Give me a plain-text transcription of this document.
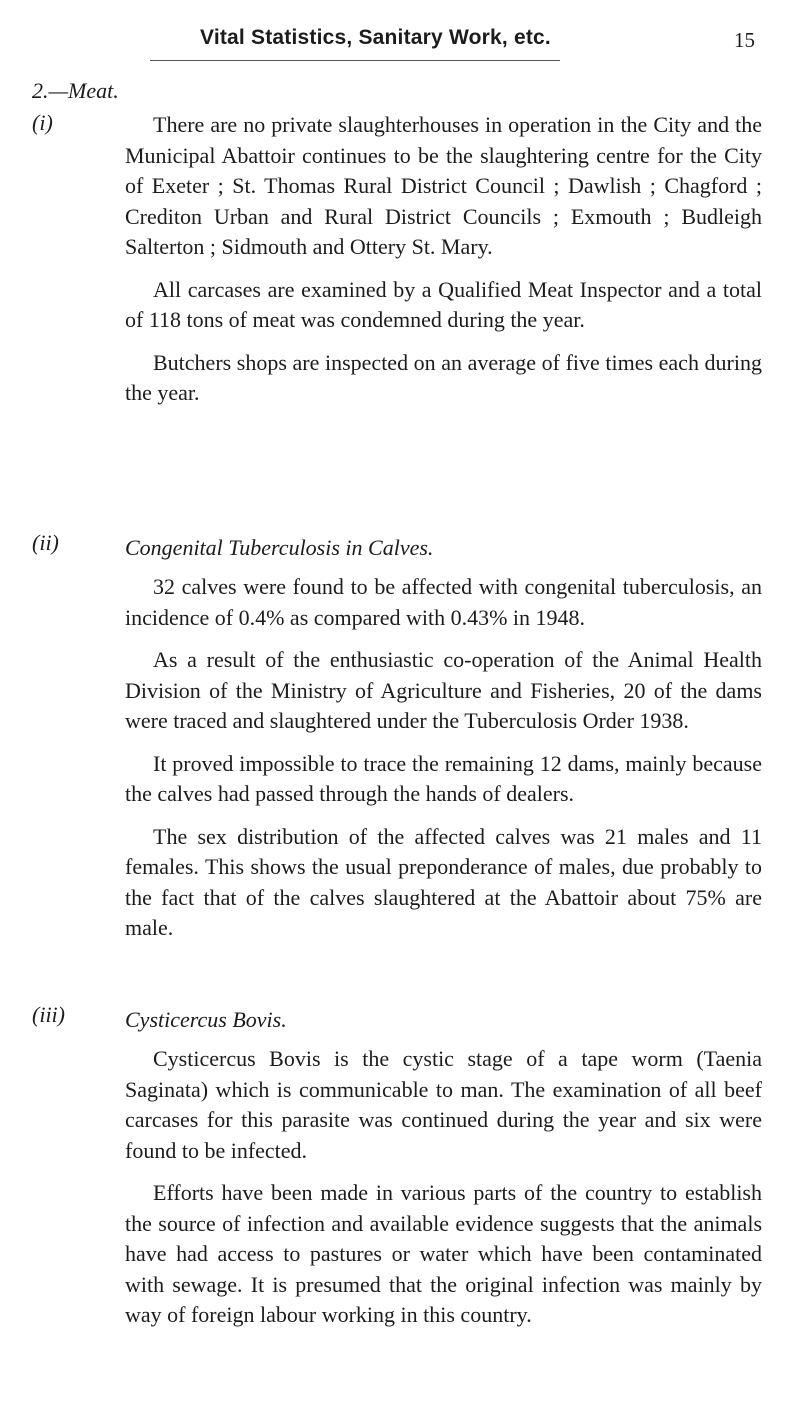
Vital Statistics, Sanitary Work, etc.	15
2.—Meat.
(i)	There are no private slaughterhouses in operation in the City and the Municipal Abattoir continues to be the slaughtering centre for the City of Exeter ; St. Thomas Rural District Council ; Dawlish ; Chagford ; Crediton Urban and Rural District Councils ; Exmouth ; Budleigh Salterton ; Sidmouth and Ottery St. Mary.

All carcases are examined by a Qualified Meat Inspector and a total of 118 tons of meat was condemned during the year.

Butchers shops are inspected on an average of five times each during the year.

(ii)	Congenital Tuberculosis in Calves.

32 calves were found to be affected with congenital tuberculosis, an incidence of 0.4% as compared with 0.43% in 1948.

As a result of the enthusiastic co-operation of the Animal Health Division of the Ministry of Agriculture and Fisheries, 20 of the dams were traced and slaughtered under the Tuberculosis Order 1938.

It proved impossible to trace the remaining 12 dams, mainly because the calves had passed through the hands of dealers.

The sex distribution of the affected calves was 21 males and 11 females. This shows the usual preponderance of males, due probably to the fact that of the calves slaughtered at the Abattoir about 75% are male.

(iii)	Cysticercus Bovis.

Cysticercus Bovis is the cystic stage of a tape worm (Taenia Saginata) which is communicable to man. The examination of all beef carcases for this parasite was continued during the year and six were found to be infected.

Efforts have been made in various parts of the country to establish the source of infection and available evidence suggests that the animals have had access to pastures or water which have been contaminated with sewage. It is presumed that the original infection was mainly by way of foreign labour working in this country.
